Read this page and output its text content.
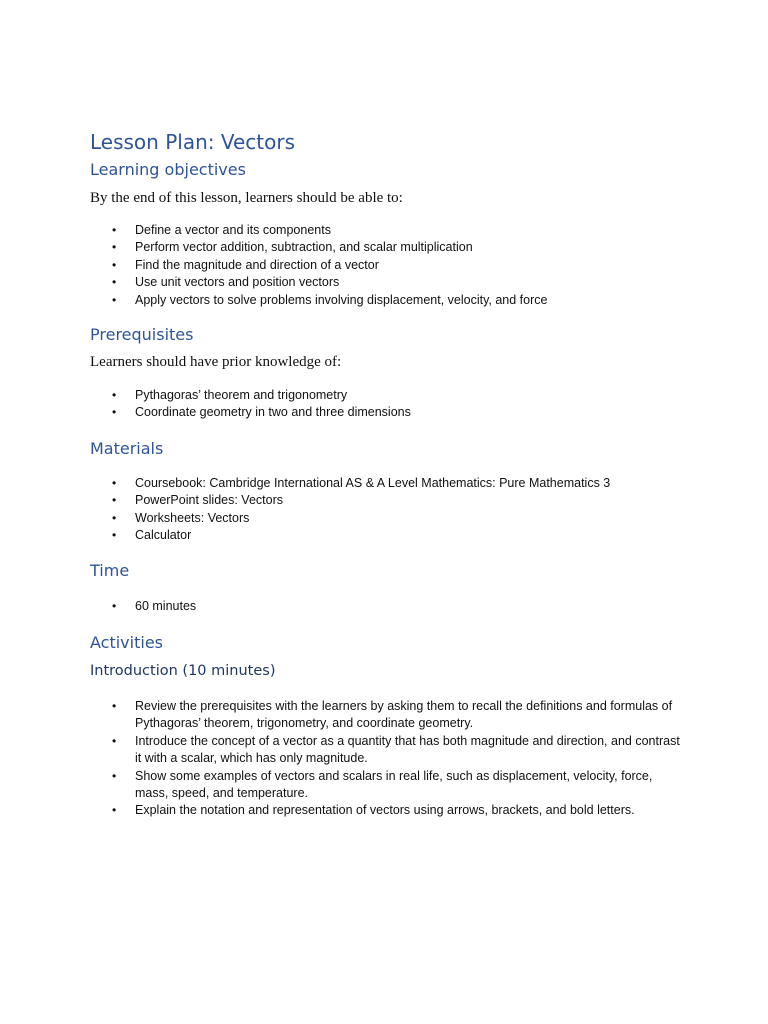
Lesson Plan: Vectors
Learning objectives

By the end of this lesson, learners should be able to:

• Define a vector and its components
• Perform vector addition, subtraction, and scalar multiplication
• Find the magnitude and direction of a vector
• Use unit vectors and position vectors
• Apply vectors to solve problems involving displacement, velocity, and force
Prerequisites

Learners should have prior knowledge of:

• Pythagoras’ theorem and trigonometry
• Coordinate geometry in two and three dimensions
Materials
• Coursebook: Cambridge International AS & A Level Mathematics: Pure Mathematics 3
• PowerPoint slides: Vectors
• Worksheets: Vectors
• Calculator
Time
• 60 minutes
Activities
Introduction (10 minutes)
• Review the prerequisites with the learners by asking them to recall the definitions and formulas of Pythagoras’ theorem, trigonometry, and coordinate geometry.
• Introduce the concept of a vector as a quantity that has both magnitude and direction, and contrast it with a scalar, which has only magnitude.
• Show some examples of vectors and scalars in real life, such as displacement, velocity, force, mass, speed, and temperature.
• Explain the notation and representation of vectors using arrows, brackets, and bold letters.
